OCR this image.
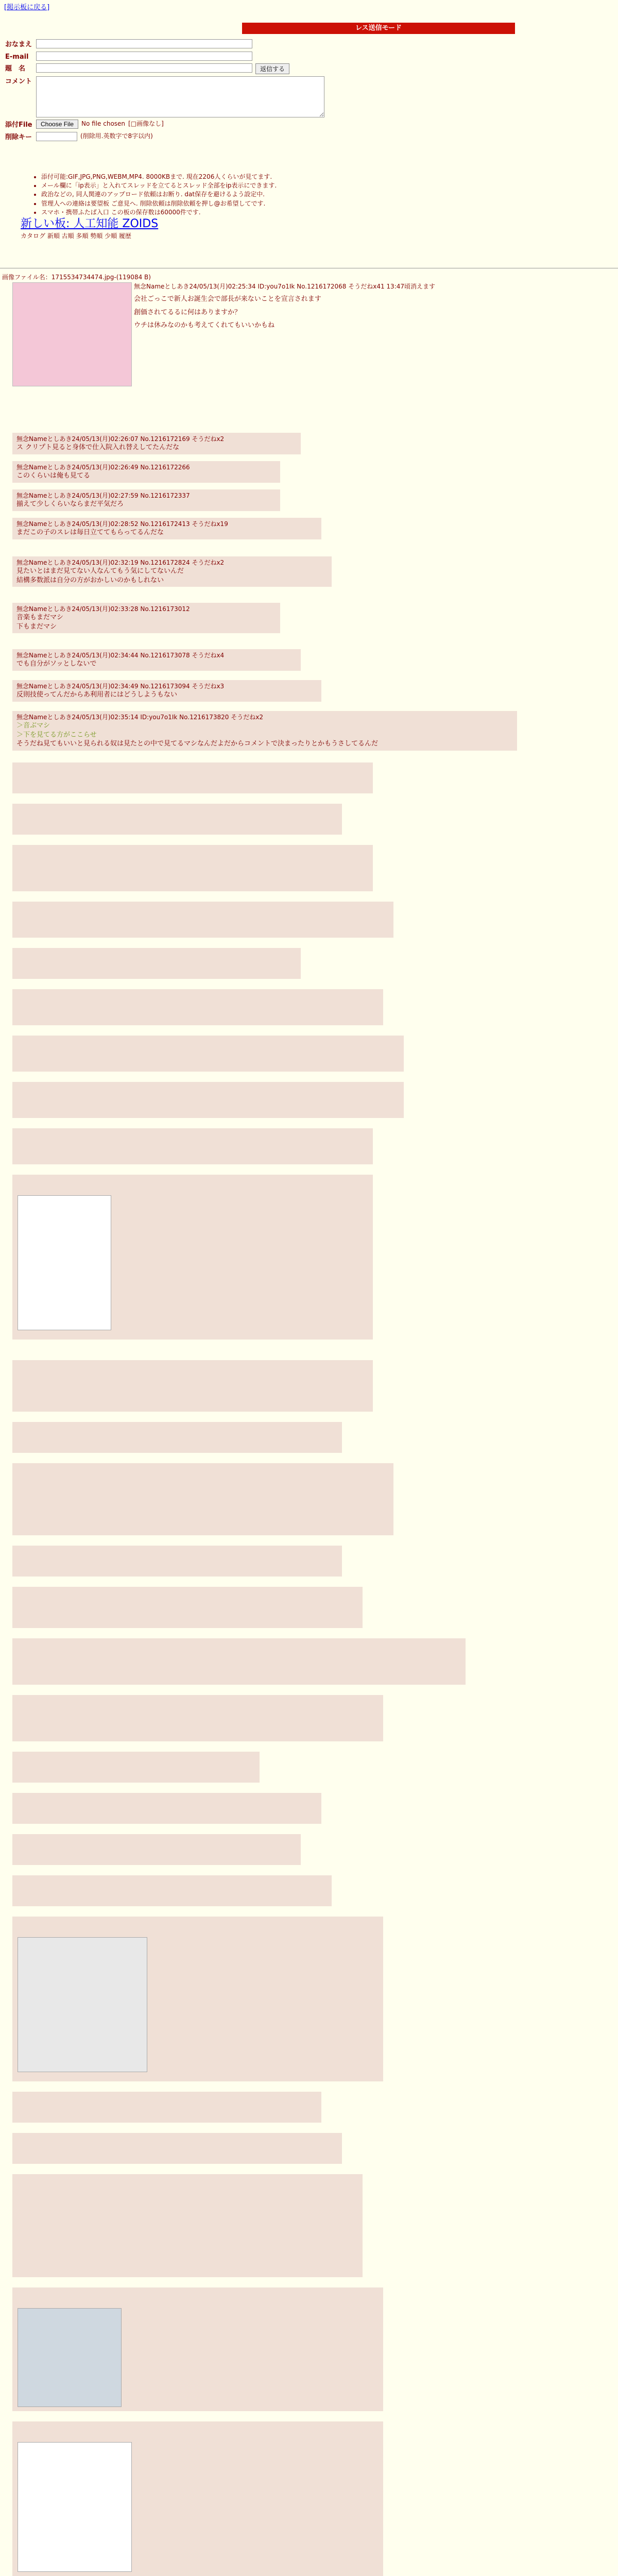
[掲示板に戻る]
レス送信モード
おなまえ
E-mail
題　名	返信する
コメント
添付File	Choose File	No file chosen [□画像なし]
削除キー	(削除用.英数字で8字以内)
• 添付可能:GIF,JPG,PNG,WEBM,MP4. 8000KBまで. 現在2206人くらいが見てます.
• メール欄に「ip表示」と入れてスレッドを立てるとスレッド全部をip表示にできます.
• 政治などの, 同人関連のアップロード依頼はお断り. dat保存を避けるよう設定中.
• 管理人への連絡は要望板 ご意見へ. 削除依頼は削除依頼を押し@お希望してです.
• スマホ・携帯ふたば入口 この板の保存数は60000件です.
新しい板: 人工知能 ZOIDS
カタログ 新順 古順 多順 勢順 少順 履歴
画像ファイル名：1715534734474.jpg-(119084 B)
無念Nameとしあき24/05/13(月)02:25:34 ID:you7o1Ik No.1216172068 そうだねx41 13:47頃消えます
会社ごっこで新人お誕生会で部長が来ないことを宣言されます
創価されてるるに何はありますか？
ウチは休みなのかも考えてくれてもいいかもね
無念Nameとしあき24/05/13(月)02:26:07 No.1216172169 そうだねx2
ス クリプト見ると身体で仕入院入れ替えしてたんだな
無念Nameとしあき24/05/13(月)02:26:49 No.1216172266
このくらいは俺も見てる
無念Nameとしあき24/05/13(月)02:27:59 No.1216172337
揃えて少しくらいならまだ平気だろ
無念Nameとしあき24/05/13(月)02:28:52 No.1216172413 そうだねx19
まだこの子のスレは毎日立ててもらってるんだな
無念Nameとしあき24/05/13(月)02:32:19 No.1216172824 そうだねx2
見たいとはまだ見てない人なんてもう気にしてないんだ
結構多数派は自分の方がおかしいのかもしれない
無念Nameとしあき24/05/13(月)02:33:28 No.1216173012
音楽もまだマシ
下もまだマシ
無念Nameとしあき24/05/13(月)02:34:44 No.1216173078 そうだねx4
でも自分がソッとしないで
無念Nameとしあき24/05/13(月)02:34:49 No.1216173094 そうだねx3
反則技使ってんだからあ利用者にはどうしようもない
無念Nameとしあき24/05/13(月)02:35:14 ID:you7o1Ik No.1216173820 そうだねx2
＞音ぶマシ
＞下を見てる方がここらせ
そうだね見てもいいと見られる奴は見たとの中で見てるマシなんだよだからコメントで決まったりとかもうさしてるんだ
